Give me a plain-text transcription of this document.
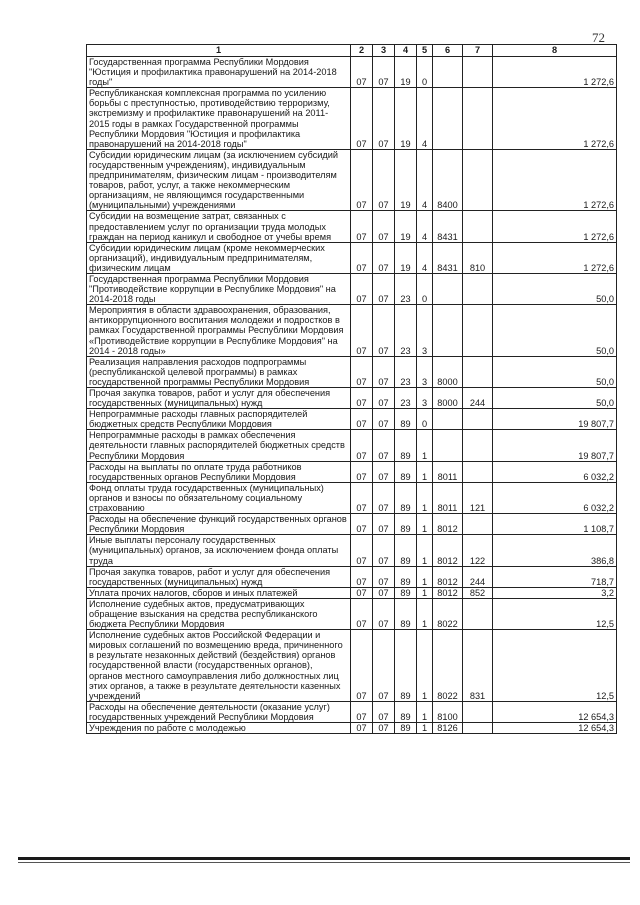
72
1	2	3	4	5	6	7	8
Государственная программа Республики Мордовия "Юстиция и профилактика правонарушений на 2014-2018 годы"	07	07	19	0			1 272,6
Республиканская комплексная программа по усилению борьбы с преступностью, противодействию терроризму, экстремизму и профилактике правонарушений на 2011-2015 годы в рамках Государственной программы Республики Мордовия "Юстиция и профилактика правонарушений на 2014-2018 годы"	07	07	19	4			1 272,6
Субсидии юридическим лицам (за исключением субсидий государственным учреждениям), индивидуальным предпринимателям, физическим лицам - производителям товаров, работ, услуг, а также некоммерческим организациям, не являющимся государственными (муниципальными) учреждениями	07	07	19	4	8400		1 272,6
Субсидии на возмещение затрат, связанных с предоставлением услуг по организации труда молодых граждан на период каникул и свободное от учебы время	07	07	19	4	8431		1 272,6
Субсидии юридическим лицам (кроме некоммерческих организаций), индивидуальным предпринимателям, физическим лицам	07	07	19	4	8431	810	1 272,6
Государственная программа Республики Мордовия "Противодействие коррупции в Республике Мордовия" на 2014-2018 годы	07	07	23	0			50,0
Мероприятия в области здравоохранения, образования, антикоррупционного воспитания молодежи и подростков в рамках Государственной программы Республики Мордовия «Противодействие коррупции в Республике Мордовия" на 2014 - 2018 годы»	07	07	23	3			50,0
Реализация направления расходов подпрограммы (республиканской целевой программы) в рамках государственной программы Республики Мордовия	07	07	23	3	8000		50,0
Прочая закупка товаров, работ и услуг для обеспечения государственных (муниципальных) нужд	07	07	23	3	8000	244	50,0
Непрограммные расходы главных распорядителей бюджетных средств Республики Мордовия	07	07	89	0			19 807,7
Непрограммные расходы в рамках обеспечения деятельности главных распорядителей бюджетных средств Республики Мордовия	07	07	89	1			19 807,7
Расходы на выплаты по оплате труда работников государственных органов Республики Мордовия	07	07	89	1	8011		6 032,2
Фонд оплаты труда государственных (муниципальных) органов и взносы по обязательному социальному страхованию	07	07	89	1	8011	121	6 032,2
Расходы на обеспечение функций государственных органов Республики Мордовия	07	07	89	1	8012		1 108,7
Иные выплаты персоналу государственных (муниципальных) органов, за исключением фонда оплаты труда	07	07	89	1	8012	122	386,8
Прочая закупка товаров, работ и услуг для обеспечения государственных (муниципальных) нужд	07	07	89	1	8012	244	718,7
Уплата прочих налогов, сборов и иных платежей	07	07	89	1	8012	852	3,2
Исполнение судебных актов, предусматривающих обращение взыскания на средства республиканского бюджета Республики Мордовия	07	07	89	1	8022		12,5
Исполнение судебных актов Российской Федерации и мировых соглашений по возмещению вреда, причиненного в результате незаконных действий (бездействия) органов государственной власти (государственных органов), органов местного самоуправления либо должностных лиц этих органов, а также в результате деятельности казенных учреждений	07	07	89	1	8022	831	12,5
Расходы на обеспечение деятельности (оказание услуг) государственных учреждений Республики Мордовия	07	07	89	1	8100		12 654,3
Учреждения по работе с молодежью	07	07	89	1	8126		12 654,3
